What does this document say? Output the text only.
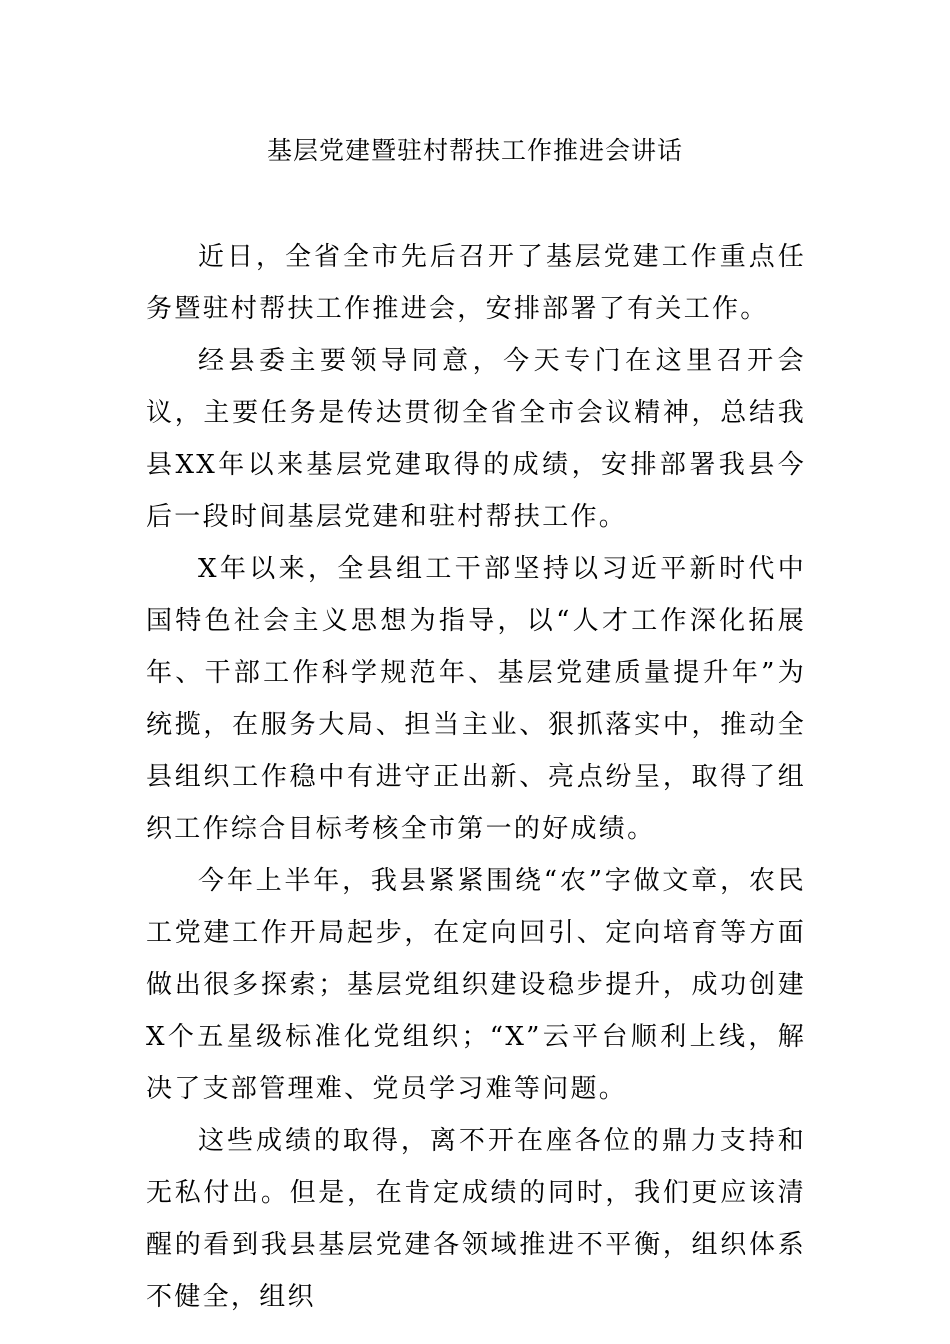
基层党建暨驻村帮扶工作推进会讲话

近日，全省全市先后召开了基层党建工作重点任务暨驻村帮扶工作推进会，安排部署了有关工作。

经县委主要领导同意，今天专门在这里召开会议，主要任务是传达贯彻全省全市会议精神，总结我县XX年以来基层党建取得的成绩，安排部署我县今后一段时间基层党建和驻村帮扶工作。

X年以来，全县组工干部坚持以习近平新时代中国特色社会主义思想为指导，以“人才工作深化拓展年、干部工作科学规范年、基层党建质量提升年”为统揽，在服务大局、担当主业、狠抓落实中，推动全县组织工作稳中有进守正出新、亮点纷呈，取得了组织工作综合目标考核全市第一的好成绩。

今年上半年，我县紧紧围绕“农”字做文章，农民工党建工作开局起步，在定向回引、定向培育等方面做出很多探索；基层党组织建设稳步提升，成功创建X个五星级标准化党组织；“X”云平台顺利上线，解决了支部管理难、党员学习难等问题。

这些成绩的取得，离不开在座各位的鼎力支持和无私付出。但是，在肯定成绩的同时，我们更应该清醒的看到我县基层党建各领域推进不平衡，组织体系不健全，组织
